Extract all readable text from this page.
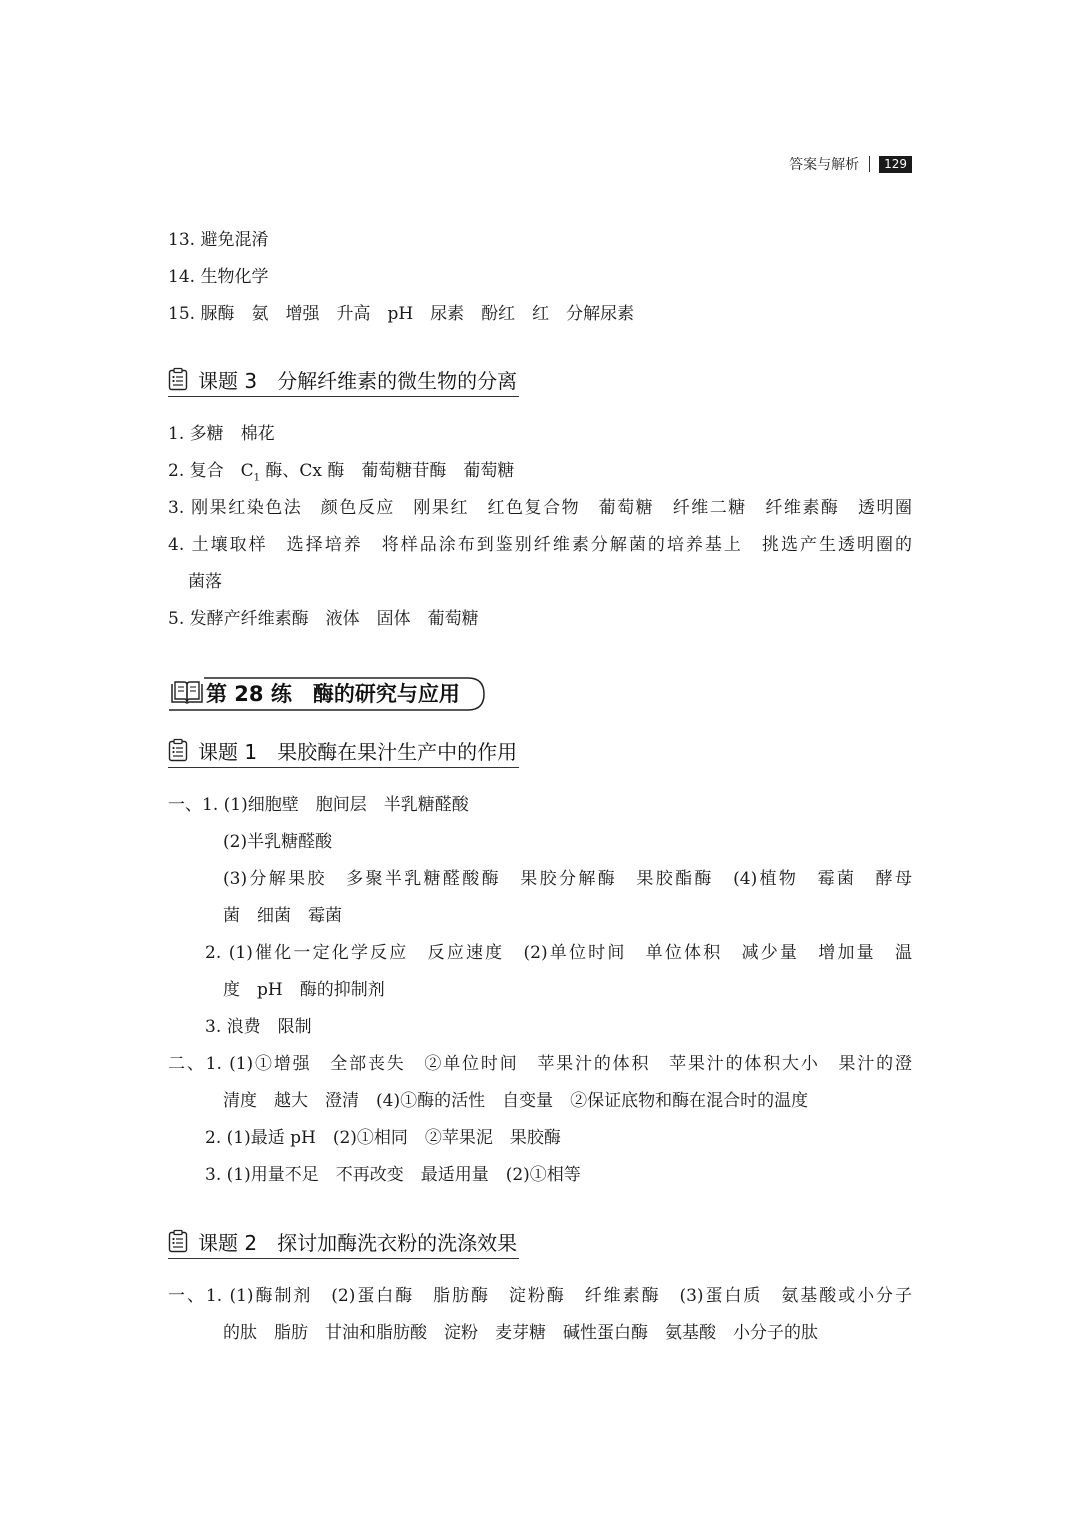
答案与解析	129
13. 避免混淆
14. 生物化学
15. 脲酶　氨　增强　升高　pH　尿素　酚红　红　分解尿素
课题 3　分解纤维素的微生物的分离
1. 多糖　棉花
2. 复合　$C_1$ 酶、Cx 酶　葡萄糖苷酶　葡萄糖
3. 刚果红染色法　颜色反应　刚果红　红色复合物　葡萄糖　纤维二糖　纤维素酶　透明圈
4. 土壤取样　选择培养　将样品涂布到鉴别纤维素分解菌的培养基上　挑选产生透明圈的
菌落
5. 发酵产纤维素酶　液体　固体　葡萄糖
第 28 练　酶的研究与应用
课题 1　果胶酶在果汁生产中的作用
一、1. (1)细胞壁　胞间层　半乳糖醛酸
(2)半乳糖醛酸
(3)分解果胶　多聚半乳糖醛酸酶　果胶分解酶　果胶酯酶　(4)植物　霉菌　酵母
菌　细菌　霉菌
2. (1)催化一定化学反应　反应速度　(2)单位时间　单位体积　减少量　增加量　温
度　pH　酶的抑制剂
3. 浪费　限制
二、1. (1)①增强　全部丧失　②单位时间　苹果汁的体积　苹果汁的体积大小　果汁的澄
清度　越大　澄清　(4)①酶的活性　自变量　②保证底物和酶在混合时的温度
2. (1)最适 pH　(2)①相同　②苹果泥　果胶酶
3. (1)用量不足　不再改变　最适用量　(2)①相等
课题 2　探讨加酶洗衣粉的洗涤效果
一、1. (1)酶制剂　(2)蛋白酶　脂肪酶　淀粉酶　纤维素酶　(3)蛋白质　氨基酸或小分子
的肽　脂肪　甘油和脂肪酸　淀粉　麦芽糖　碱性蛋白酶　氨基酸　小分子的肽
